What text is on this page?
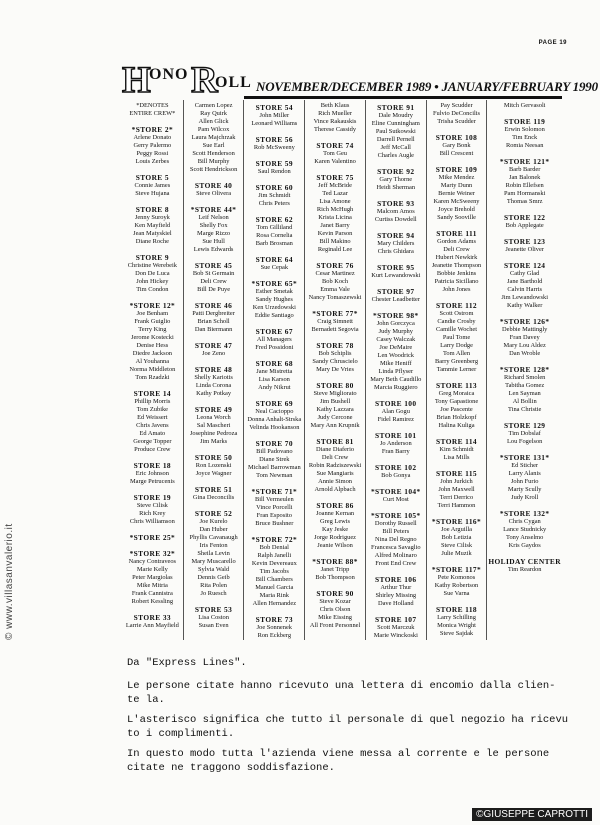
PAGE 19
© www.villasanvalerio.it
H
ONO R
OLL NOVEMBER/DECEMBER 1989 • JANUARY/FEBRUARY 1990
*DENOTES
ENTIRE CREW*
*STORE 2*
Arlene Donato
Gerry Palermo
Peggy Rossi
Louis Zerbes
STORE 5
Connie James
Steve Hujana
STORE 8
Jenny Suroyk
Ken Mayfield
Jean Matyskiel
Diane Roche
STORE 9
Christine Werebeik
Don De Luca
John Hickey
Tim Condon
*STORE 12*
Joe Benham
Frank Guiglio
Terry King
Jerome Kostecki
Denise Hess
Diedre Jackson
Al Youhanna
Norma Middleton
Tom Rzadzki
STORE 14
Phillip Morris
Tom Zubike
Ed Weissert
Chris Javens
Ed Amato
George Topper
Produce Crew
STORE 18
Eric Johnson
Marge Petrucenis
STORE 19
Steve Cilisk
Rich Krey
Chris Williamson
*STORE 25*
*STORE 32*
Nancy Contraveos
Marie Kelly
Peter Margiolas
Mike Mitria
Frank Cannistra
Robert Kessling
STORE 33
Larrie Ann Mayfield
Carmen Lopez
Ray Quirk
Allen Glick
Pam Wilcox
Laura Majchrzak
Sue Earl
Scott Henderson
Bill Murphy
Scott Hendrickson
STORE 40
Steve Olivera
*STORE 44*
Leif Nelson
Shelly Fox
Marge Rizzo
Sue Hull
Lewis Edwards
STORE 45
Bob St Germain
Deli Crew
Bill De Puye
STORE 46
Patti Dergbreiter
Brian Scholl
Dan Biermann
STORE 47
Joe Zeno
STORE 48
Shelly Kariotis
Linda Corona
Kathy Potkay
STORE 49
Leona Worch
Sal Mascheri
Josephine Pedroza
Jim Marks
STORE 50
Ron Lozenski
Joyce Wagner
STORE 51
Gina Deconcilis
STORE 52
Joe Kurelo
Dan Huber
Phyllis Cavanaugh
Iris Fenton
Sheila Levin
Mary Muscarello
Sylvia Wald
Dennis Geib
Rita Polen
Jo Ruesch
STORE 53
Lisa Coston
Susan Even
STORE 54
John Miller
Leonard Williams
STORE 56
Rob McSweeny
STORE 59
Saul Rendon
STORE 60
Jim Schmidt
Chris Peters
STORE 62
Tom Gilliland
Rosa Cornelia
Barb Brosman
STORE 64
Sue Cepak
*STORE 65*
Esther Smetak
Sandy Hughes
Ken Urzedowski
Eddie Santiago
STORE 67
All Managers
Fred Possidoni
STORE 68
Jane Mistretta
Lisa Karson
Andy Nikrut
STORE 69
Neal Cacioppo
Donna Anhalt-Strska
Velinda Hookanson
STORE 70
Bill Padovano
Diane Strek
Michael Barrowman
Tom Newman
*STORE 71*
Bill Vermeulen
Vince Porcelli
Fran Esposito
Bruce Bushner
*STORE 72*
Bob Denial
Ralph Janelli
Kevin Devereaux
Tim Jacobs
Bill Chambers
Manuel Garcia
Maria Rink
Allen Hernandez
STORE 73
Joe Sonnenek
Ron Eckberg
Beth Klaus
Rich Mueller
Vince Rakauskis
Therese Cassidy
STORE 74
Tom Geu
Karen Valentino
STORE 75
Jeff McBride
Ted Lazar
Lisa Amone
Rich McHugh
Krista Licina
Janet Barry
Kevin Parson
Bill Makino
Reginald Lee
STORE 76
Cesar Martinez
Bob Koch
Emma Vale
Nancy Tomaszewski
*STORE 77*
Craig Simnett
Bernadett Segovia
STORE 78
Bob Schiplis
Sandy Chruscielo
Mary De Vries
STORE 80
Steve Migliorato
Jim Bushell
Kathy Lazzara
Judy Cercone
Mary Ann Krupnik
STORE 81
Diane Diaferio
Deli Crew
Robin Radziszewski
Sue Mangiaris
Annie Simon
Arnold Alpbach
STORE 86
Joanne Kernan
Greg Lewis
Kay Jeske
Jorge Rodriguez
Jeanie Wilson
*STORE 88*
Janet Tripp
Bob Thompson
STORE 90
Steve Kozar
Chris Olson
Mike Eissing
All Front Personnel
STORE 91
Dale Moudry
Eline Cunningham
Paul Sutkowski
Darrell Pernell
Jeff McCall
Charles Augle
STORE 92
Gary Thorne
Heidi Sherman
STORE 93
Malcom Amos
Curtiss Dowdell
STORE 94
Mary Childers
Chris Ghidara
STORE 95
Kurt Lewandowski
STORE 97
Chester Leadbetter
*STORE 98*
John Gorczyca
Judy Murphy
Casey Walczak
Joe DeMaire
Len Woodrick
Mike Heniff
Linda Pflyser
Mary Beth Caudillo
Marcia Ruggiero
STORE 100
Alan Gogu
Fidel Ramirez
STORE 101
Jo Anderson
Fran Barry
STORE 102
Bob Gonya
*STORE 104*
Curt Most
*STORE 105*
Dorothy Russell
Bill Peters
Nina Del Regno
Francesca Savaglio
Alfred Molinaro
Front End Crew
STORE 106
Arthur Thur
Shirley Missing
Dave Holland
STORE 107
Scott Marczuk
Marie Winckoski
Pay Scudder
Fulvio DeConcilis
Trisha Scudder
STORE 108
Gary Bonk
Bill Crescent
STORE 109
Mike Mendez
Marty Dunn
Bernie Weiner
Karen McSweeny
Joyce Brehold
Sandy Sooville
STORE 111
Gordon Adams
Deli Crew
Hubert Newkirk
Jeanette Thompson
Bobbie Jenkins
Patricia Sicillano
John Jones
STORE 112
Scott Ostrom
Candie Crosby
Camille Wochet
Paul Tome
Larry Dodge
Tom Allen
Barry Greenberg
Tammie Lerner
STORE 113
Greg Moraica
Tony Gapastione
Joe Pascente
Brian Holzkopf
Halina Kuliga
STORE 114
Kim Schmidt
Lisa Mills
STORE 115
John Jurkich
John Maxwell
Terri Derrico
Terri Hammon
*STORE 116*
Joe Arguilla
Bob Letizia
Steve Cilisk
Julie Muzik
*STORE 117*
Pete Komonos
Kathy Robertson
Sue Varna
STORE 118
Larry Schilling
Monica Wright
Steve Sajdak
Mitch Gervasoli
STORE 119
Erwin Solomon
Tim Enck
Romia Neesan
*STORE 121*
Barb Barder
Jan Balonek
Robin Ellefsen
Pam Hormanski
Thomas Smrz
STORE 122
Bob Applegate
STORE 123
Jeanette Oliver
STORE 124
Cathy Glad
Jane Barthold
Calvin Harris
Jim Lewandowski
Kathy Walker
*STORE 126*
Debbie Mattingly
Fran Davey
Mary Lou Aldez
Dan Wroble
*STORE 128*
Richard Smolen
Tabitha Gomez
Len Sayman
Al Bollin
Tina Christie
STORE 129
Tim Dobslaf
Lou Fogelson
*STORE 131*
Ed Sticher
Larry Alanis
John Furio
Marty Scully
Judy Kroll
*STORE 132*
Chris Cygan
Lance Studnicky
Tony Anselmo
Kris Gaydos
HOLIDAY CENTER
Tim Reardon
Da "Express Lines".
Le persone citate hanno ricevuto una lettera di encomio dalla clien-
te la.
L'asterisco significa che tutto il personale di quel negozio ha ricevu
to i complimenti.
In questo modo tutta l'azienda viene messa al corrente e le persone
citate ne traggono soddisfazione.
©GIUSEPPE CAPROTTI
